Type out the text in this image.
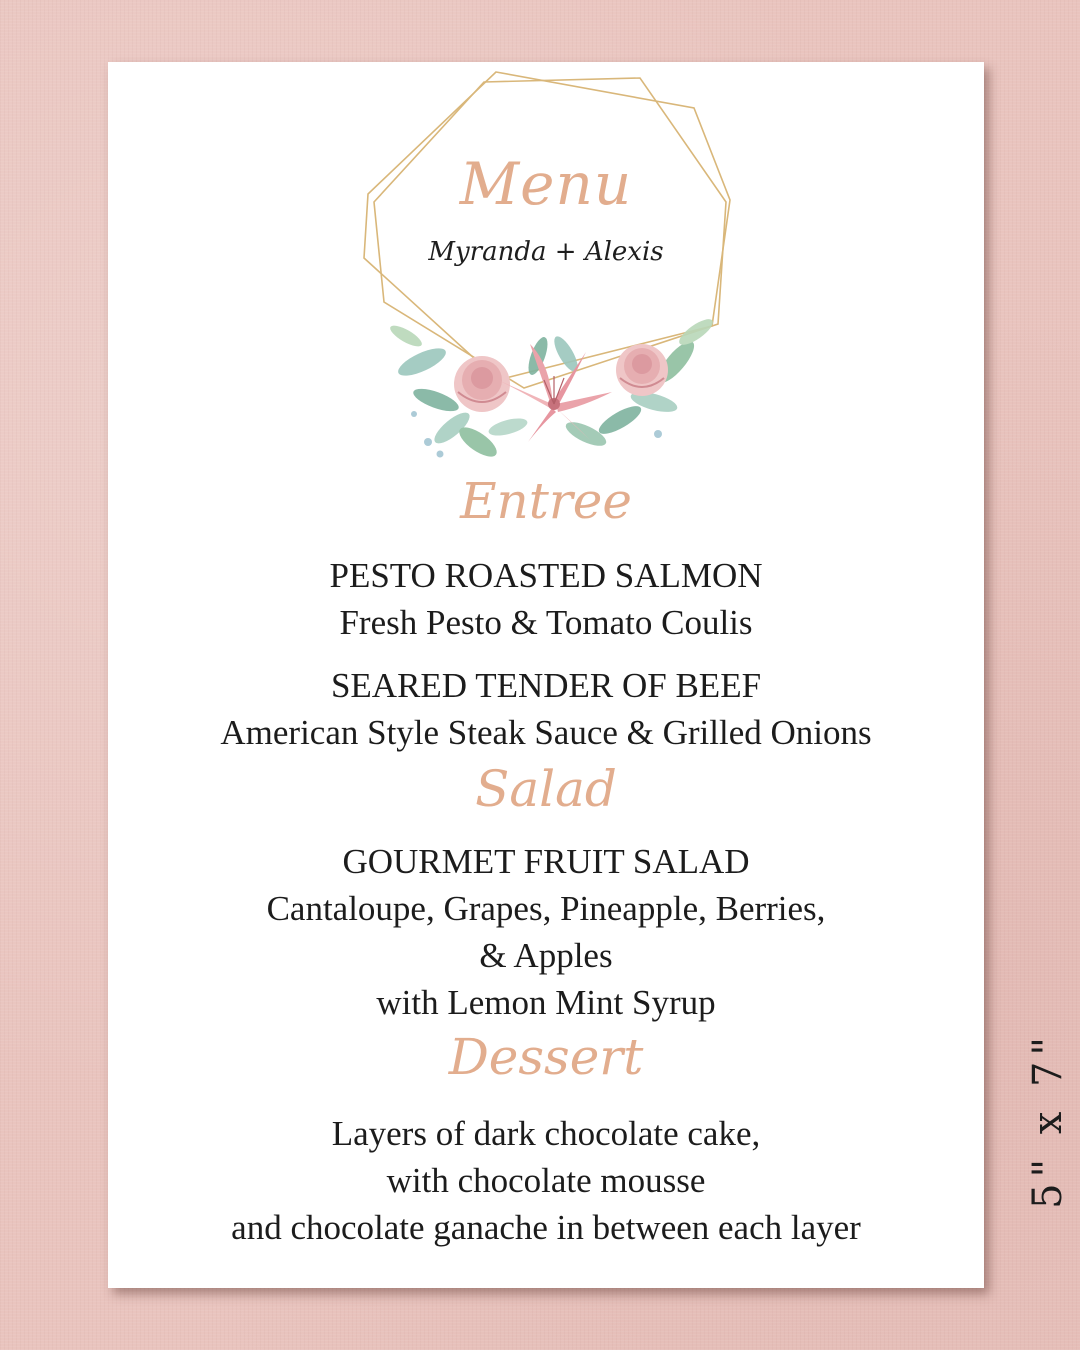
Menu
Myranda + Alexis
Entree
PESTO ROASTED SALMON
Fresh Pesto & Tomato Coulis
SEARED TENDER OF BEEF
American Style Steak Sauce & Grilled Onions
Salad
GOURMET FRUIT SALAD
Cantaloupe, Grapes, Pineapple, Berries,
& Apples
with Lemon Mint Syrup
Dessert
Layers of dark chocolate cake,
with chocolate mousse
and chocolate ganache in between each layer
5" x 7"
